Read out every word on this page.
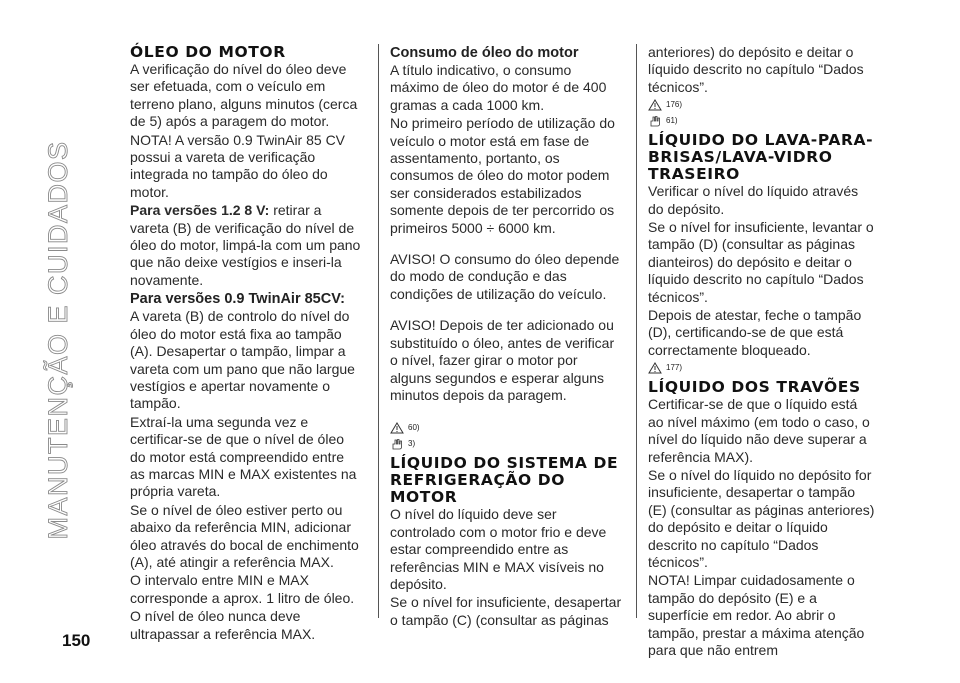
MANUTENÇÃO E CUIDADOS
150
ÓLEO DO MOTOR

A verificação do nível do óleo deve ser efetuada, com o veículo em terreno plano, alguns minutos (cerca de 5) após a paragem do motor.

NOTA! A versão 0.9 TwinAir 85 CV possui a vareta de verificação integrada no tampão do óleo do motor.

Para versões 1.2 8 V: retirar a vareta (B) de verificação do nível de óleo do motor, limpá-la com um pano que não deixe vestígios e inseri-la novamente.

Para versões 0.9 TwinAir 85CV:

A vareta (B) de controlo do nível do óleo do motor está fixa ao tampão (A). Desapertar o tampão, limpar a vareta com um pano que não largue vestígios e apertar novamente o tampão.

Extraí-la uma segunda vez e certificar-se de que o nível de óleo do motor está compreendido entre as marcas MIN e MAX existentes na própria vareta.

Se o nível de óleo estiver perto ou abaixo da referência MIN, adicionar óleo através do bocal de enchimento (A), até atingir a referência MAX.

O intervalo entre MIN e MAX corresponde a aprox. 1 litro de óleo.

O nível de óleo nunca deve ultrapassar a referência MAX.

Consumo de óleo do motor

A título indicativo, o consumo máximo de óleo do motor é de 400 gramas a cada 1000 km.

No primeiro período de utilização do veículo o motor está em fase de assentamento, portanto, os consumos de óleo do motor podem ser considerados estabilizados somente depois de ter percorrido os primeiros 5000 ÷ 6000 km.

AVISO! O consumo do óleo depende do modo de condução e das condições de utilização do veículo.

AVISO! Depois de ter adicionado ou substituído o óleo, antes de verificar o nível, fazer girar o motor por alguns segundos e esperar alguns minutos depois da paragem.

60)
3)
LÍQUIDO DO SISTEMA DE REFRIGERAÇÃO DO MOTOR

O nível do líquido deve ser controlado com o motor frio e deve estar compreendido entre as referências MIN e MAX visíveis no depósito.

Se o nível for insuficiente, desapertar o tampão (C) (consultar as páginas

anteriores) do depósito e deitar o líquido descrito no capítulo “Dados técnicos”.

176)
61)
LÍQUIDO DO LAVA-PARA-BRISAS/LAVA-VIDRO TRASEIRO

Verificar o nível do líquido através do depósito.

Se o nível for insuficiente, levantar o tampão (D) (consultar as páginas dianteiros) do depósito e deitar o líquido descrito no capítulo “Dados técnicos”.

Depois de atestar, feche o tampão (D), certificando-se de que está correctamente bloqueado.

177)
LÍQUIDO DOS TRAVÕES

Certificar-se de que o líquido está ao nível máximo (em todo o caso, o nível do líquido não deve superar a referência MAX).

Se o nível do líquido no depósito for insuficiente, desapertar o tampão (E) (consultar as páginas anteriores) do depósito e deitar o líquido descrito no capítulo “Dados técnicos”.

NOTA! Limpar cuidadosamente o tampão do depósito (E) e a superfície em redor. Ao abrir o tampão, prestar a máxima atenção para que não entrem
